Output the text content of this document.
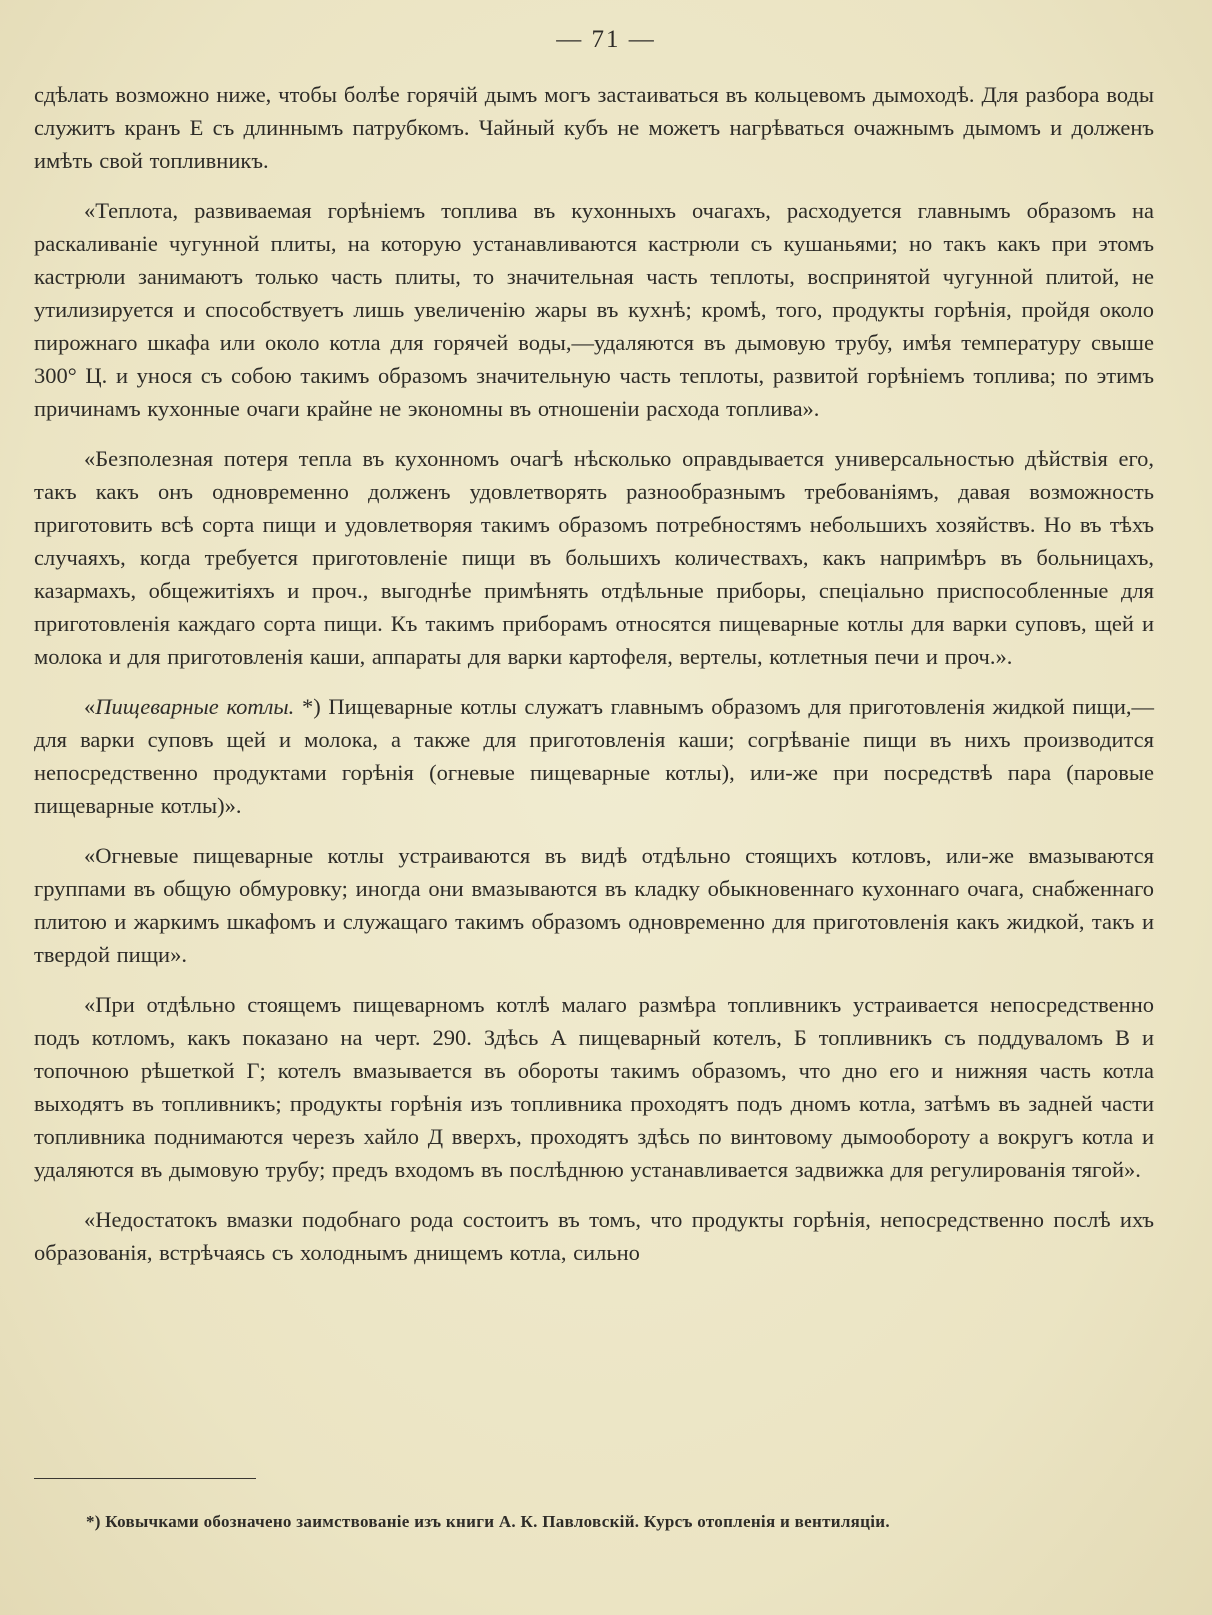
— 71 —

сдѣлать возможно ниже, чтобы болѣе горячій дымъ могъ застаиваться въ кольцевомъ дымоходѣ. Для разбора воды служитъ кранъ Е съ длиннымъ патрубкомъ. Чайный кубъ не можетъ нагрѣваться очажнымъ дымомъ и долженъ имѣть свой топливникъ.

«Теплота, развиваемая горѣніемъ топлива въ кухонныхъ очагахъ, расходуется главнымъ образомъ на раскаливаніе чугунной плиты, на которую устанавливаются кастрюли съ кушаньями; но такъ какъ при этомъ кастрюли занимаютъ только часть плиты, то значительная часть теплоты, воспринятой чугунной плитой, не утилизируется и способствуетъ лишь увеличенію жары въ кухнѣ; кромѣ, того, продукты горѣнія, пройдя около пирожнаго шкафа или около котла для горячей воды,—удаляются въ дымовую трубу, имѣя температуру свыше 300° Ц. и унося съ собою такимъ образомъ значительную часть теплоты, развитой горѣніемъ топлива; по этимъ причинамъ кухонные очаги крайне не экономны въ отношеніи расхода топлива».

«Безполезная потеря тепла въ кухонномъ очагѣ нѣсколько оправдывается универсальностью дѣйствія его, такъ какъ онъ одновременно долженъ удовлетворять разнообразнымъ требованіямъ, давая возможность приготовить всѣ сорта пищи и удовлетворяя такимъ образомъ потребностямъ небольшихъ хозяйствъ. Но въ тѣхъ случаяхъ, когда требуется приготовленіе пищи въ большихъ количествахъ, какъ напримѣръ въ больницахъ, казармахъ, общежитіяхъ и проч., выгоднѣе примѣнять отдѣльные приборы, спеціально приспособленные для приготовленія каждаго сорта пищи. Къ такимъ приборамъ относятся пищеварные котлы для варки суповъ, щей и молока и для приготовленія каши, аппараты для варки картофеля, вертелы, котлетныя печи и проч.».

«Пищеварные котлы. *) Пищеварные котлы служатъ главнымъ образомъ для приготовленія жидкой пищи,—для варки суповъ щей и молока, а также для приготовленія каши; согрѣваніе пищи въ нихъ производится непосредственно продуктами горѣнія (огневые пищеварные котлы), или-же при посредствѣ пара (паровые пищеварные котлы)».

«Огневые пищеварные котлы устраиваются въ видѣ отдѣльно стоящихъ котловъ, или-же вмазываются группами въ общую обмуровку; иногда они вмазываются въ кладку обыкновеннаго кухоннаго очага, снабженнаго плитою и жаркимъ шкафомъ и служащаго такимъ образомъ одновременно для приготовленія какъ жидкой, такъ и твердой пищи».

«При отдѣльно стоящемъ пищеварномъ котлѣ малаго размѣра топливникъ устраивается непосредственно подъ котломъ, какъ показано на черт. 290. Здѣсь А пищеварный котелъ, Б топливникъ съ поддуваломъ В и топочною рѣшеткой Г; котелъ вмазывается въ обороты такимъ образомъ, что дно его и нижняя часть котла выходятъ въ топливникъ; продукты горѣнія изъ топливника проходятъ подъ дномъ котла, затѣмъ въ задней части топливника поднимаются черезъ хайло Д вверхъ, проходятъ здѣсь по винтовому дымообороту а вокругъ котла и удаляются въ дымовую трубу; предъ входомъ въ послѣднюю устанавливается задвижка для регулированія тягой».

«Недостатокъ вмазки подобнаго рода состоитъ въ томъ, что продукты горѣнія, непосредственно послѣ ихъ образованія, встрѣчаясь съ холоднымъ днищемъ котла, сильно

*) Ковычками обозначено заимствованіе изъ книги А. К. Павловскій. Курсъ отопленія и вентиляціи.
